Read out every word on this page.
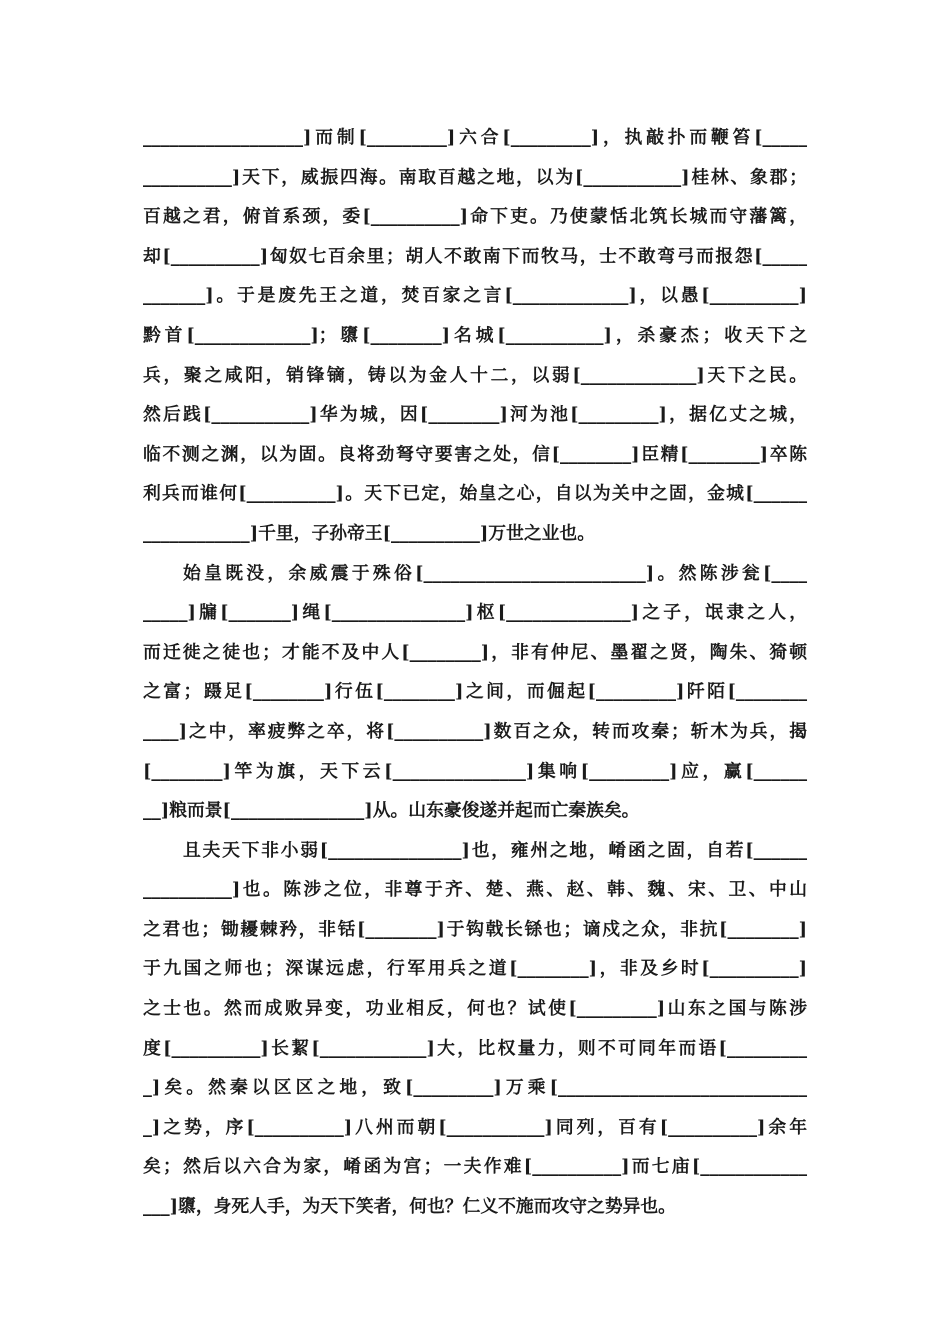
__________________]而制[_________]六合[_________]，执敲扑而鞭笞[_____
__________]天下，威振四海。南取百越之地，以为[___________]桂林、象郡；
百越之君，俯首系颈，委[__________]命下吏。乃使蒙恬北筑长城而守藩篱，
却[__________]匈奴七百余里；胡人不敢南下而牧马，士不敢弯弓而报怨[_____
_______]。于是废先王之道，焚百家之言[_____________]，以愚[__________]
黔首[_____________]；隳[________]名城[___________]，杀豪杰；收天下之
兵，聚之咸阳，销锋镝，铸以为金人十二，以弱[_____________]天下之民。
然后践[___________]华为城，因[________]河为池[_________]，据亿丈之城，
临不测之渊，以为固。良将劲弩守要害之处，信[________]臣精[________]卒陈
利兵而谁何[__________]。天下已定，始皇之心，自以为关中之固，金城[______
____________]千里，子孙帝王[__________]万世之业也。
始皇既没，余威震于殊俗[_________________________]。然陈涉瓮[____
_____]牖[_______]绳[_______________]枢[______________]之子，氓隶之人，
而迁徙之徒也；才能不及中人[________]，非有仲尼、墨翟之贤，陶朱、猗顿
之富；蹑足[________]行伍[________]之间，而倔起[_________]阡陌[________
____]之中，率疲弊之卒，将[__________]数百之众，转而攻秦；斩木为兵，揭
[________]竿为旗，天下云[_______________]集响[_________]应，赢[______
__]粮而景[_______________]从。山东豪俊遂并起而亡秦族矣。
且夫天下非小弱[_______________]也，雍州之地，崤函之固，自若[______
__________]也。陈涉之位，非尊于齐、楚、燕、赵、韩、魏、宋、卫、中山
之君也；锄耰棘矜，非铦[________]于钩戟长铩也；谪戍之众，非抗[________]
于九国之师也；深谋远虑，行军用兵之道[________]，非及乡时[__________]
之士也。然而成败异变，功业相反，何也？试使[_________]山东之国与陈涉
度[__________]长絜[____________]大，比权量力，则不可同年而语[_________
_]矣。然秦以区区之地，致[_________]万乘[____________________________
_]之势，序[__________]八州而朝[___________]同列，百有[__________]余年
矣；然后以六合为家，崤函为宫；一夫作难[__________]而七庙[____________
___]隳，身死人手，为天下笑者，何也？仁义不施而攻守之势异也。
